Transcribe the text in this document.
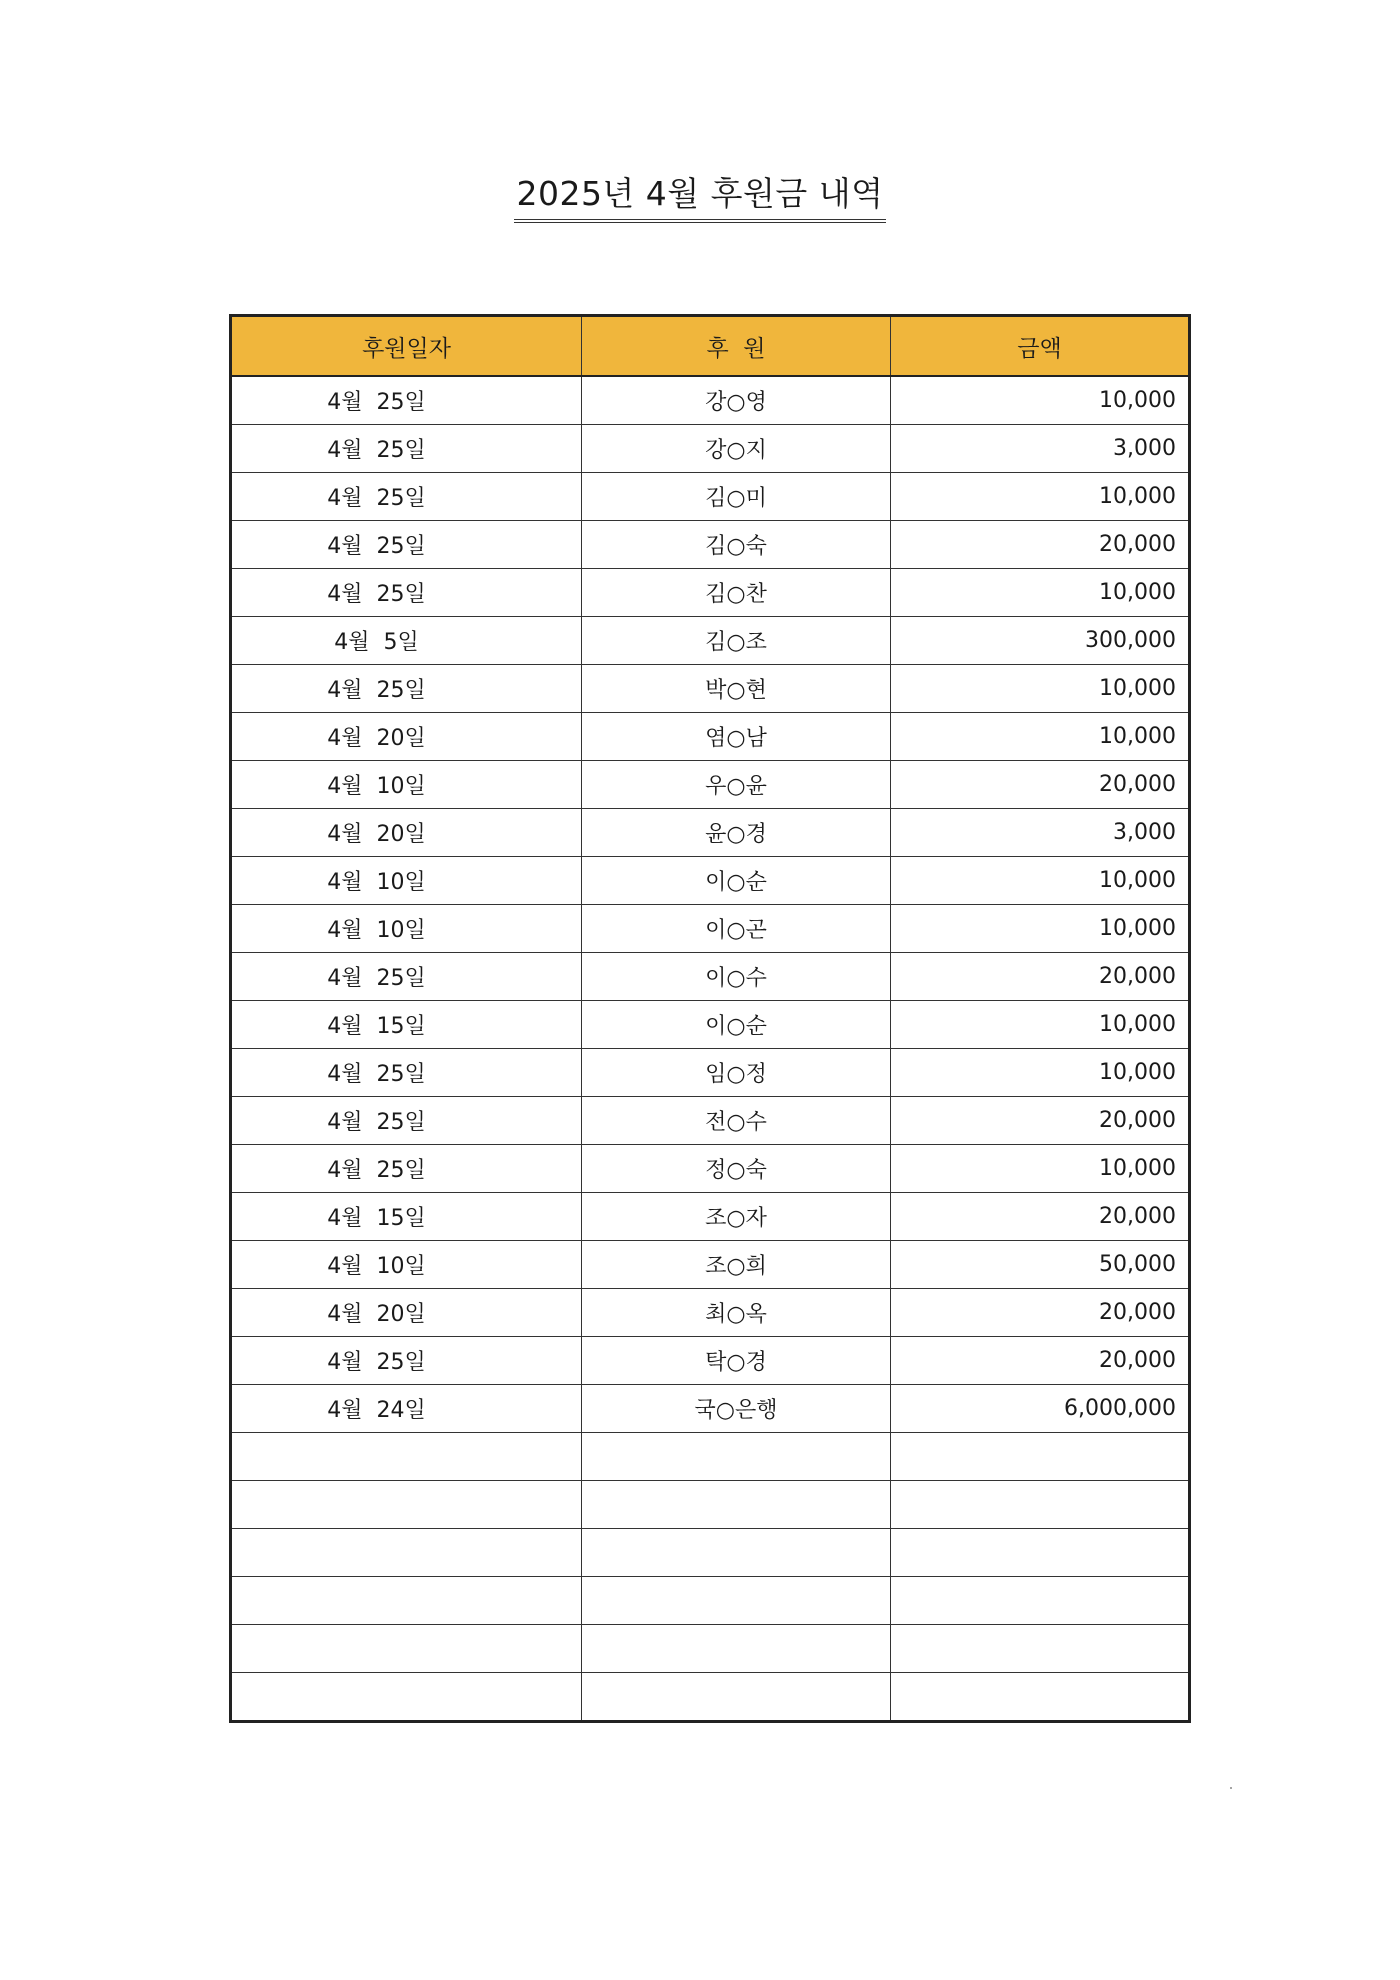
2025년 4월 후원금 내역
후원일자	후  원	금액
4월  25일	강○영	10,000
4월  25일	강○지	3,000
4월  25일	김○미	10,000
4월  25일	김○숙	20,000
4월  25일	김○찬	10,000
4월  5일	김○조	300,000
4월  25일	박○현	10,000
4월  20일	염○남	10,000
4월  10일	우○윤	20,000
4월  20일	윤○경	3,000
4월  10일	이○순	10,000
4월  10일	이○곤	10,000
4월  25일	이○수	20,000
4월  15일	이○순	10,000
4월  25일	임○정	10,000
4월  25일	전○수	20,000
4월  25일	정○숙	10,000
4월  15일	조○자	20,000
4월  10일	조○희	50,000
4월  20일	최○옥	20,000
4월  25일	탁○경	20,000
4월  24일	국○은행	6,000,000
